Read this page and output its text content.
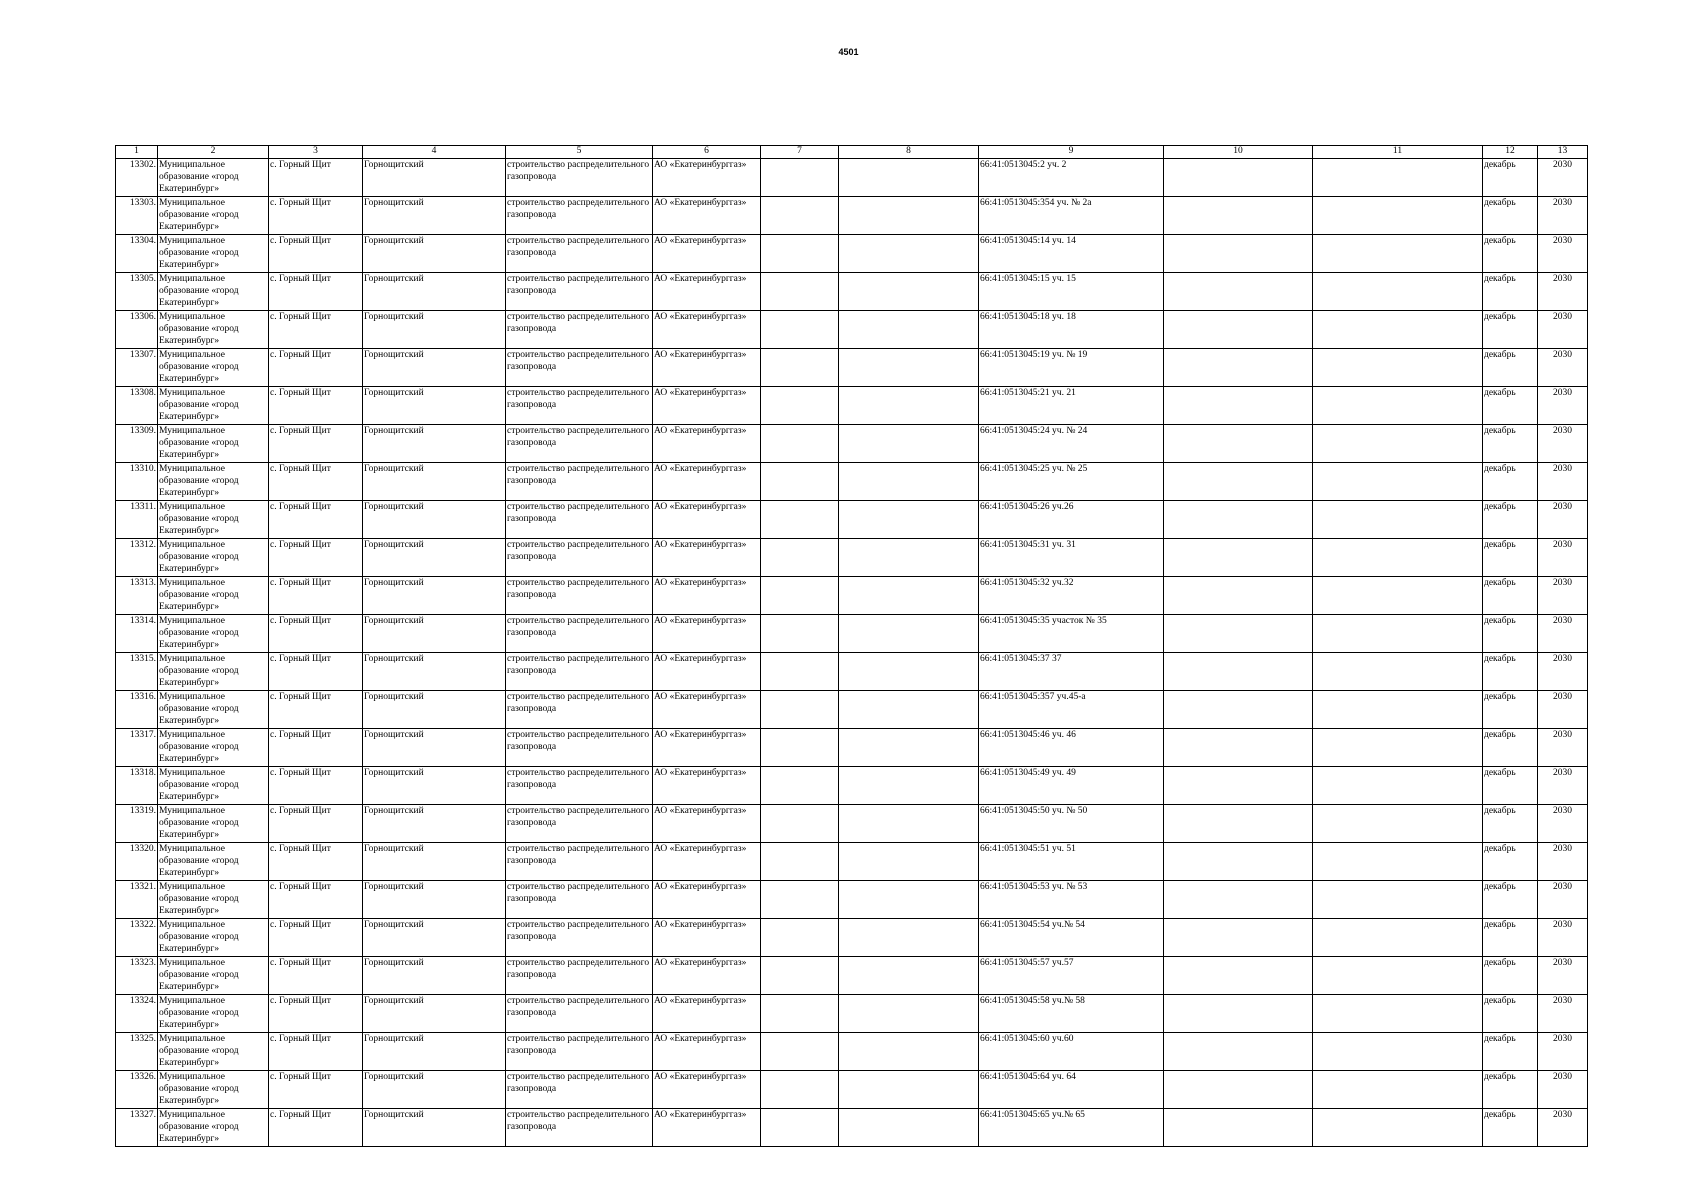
4501
1	2	3	4	5	6	7	8	9	10	11	12	13
13302.	Муниципальное образование «город Екатеринбург»	с. Горный Щит	Горнощитский	строительство распределительного газопровода	АО «Екатеринбурггаз»			66:41:0513045:2 уч. 2			декабрь	2030
13303.	Муниципальное образование «город Екатеринбург»	с. Горный Щит	Горнощитский	строительство распределительного газопровода	АО «Екатеринбурггаз»			66:41:0513045:354 уч. № 2а			декабрь	2030
13304.	Муниципальное образование «город Екатеринбург»	с. Горный Щит	Горнощитский	строительство распределительного газопровода	АО «Екатеринбурггаз»			66:41:0513045:14 уч. 14			декабрь	2030
13305.	Муниципальное образование «город Екатеринбург»	с. Горный Щит	Горнощитский	строительство распределительного газопровода	АО «Екатеринбурггаз»			66:41:0513045:15 уч. 15			декабрь	2030
13306.	Муниципальное образование «город Екатеринбург»	с. Горный Щит	Горнощитский	строительство распределительного газопровода	АО «Екатеринбурггаз»			66:41:0513045:18 уч. 18			декабрь	2030
13307.	Муниципальное образование «город Екатеринбург»	с. Горный Щит	Горнощитский	строительство распределительного газопровода	АО «Екатеринбурггаз»			66:41:0513045:19 уч. № 19			декабрь	2030
13308.	Муниципальное образование «город Екатеринбург»	с. Горный Щит	Горнощитский	строительство распределительного газопровода	АО «Екатеринбурггаз»			66:41:0513045:21 уч. 21			декабрь	2030
13309.	Муниципальное образование «город Екатеринбург»	с. Горный Щит	Горнощитский	строительство распределительного газопровода	АО «Екатеринбурггаз»			66:41:0513045:24 уч. № 24			декабрь	2030
13310.	Муниципальное образование «город Екатеринбург»	с. Горный Щит	Горнощитский	строительство распределительного газопровода	АО «Екатеринбурггаз»			66:41:0513045:25 уч. № 25			декабрь	2030
13311.	Муниципальное образование «город Екатеринбург»	с. Горный Щит	Горнощитский	строительство распределительного газопровода	АО «Екатеринбурггаз»			66:41:0513045:26 уч.26			декабрь	2030
13312.	Муниципальное образование «город Екатеринбург»	с. Горный Щит	Горнощитский	строительство распределительного газопровода	АО «Екатеринбурггаз»			66:41:0513045:31 уч. 31			декабрь	2030
13313.	Муниципальное образование «город Екатеринбург»	с. Горный Щит	Горнощитский	строительство распределительного газопровода	АО «Екатеринбурггаз»			66:41:0513045:32 уч.32			декабрь	2030
13314.	Муниципальное образование «город Екатеринбург»	с. Горный Щит	Горнощитский	строительство распределительного газопровода	АО «Екатеринбурггаз»			66:41:0513045:35 участок № 35			декабрь	2030
13315.	Муниципальное образование «город Екатеринбург»	с. Горный Щит	Горнощитский	строительство распределительного газопровода	АО «Екатеринбурггаз»			66:41:0513045:37 37			декабрь	2030
13316.	Муниципальное образование «город Екатеринбург»	с. Горный Щит	Горнощитский	строительство распределительного газопровода	АО «Екатеринбурггаз»			66:41:0513045:357 уч.45-а			декабрь	2030
13317.	Муниципальное образование «город Екатеринбург»	с. Горный Щит	Горнощитский	строительство распределительного газопровода	АО «Екатеринбурггаз»			66:41:0513045:46 уч. 46			декабрь	2030
13318.	Муниципальное образование «город Екатеринбург»	с. Горный Щит	Горнощитский	строительство распределительного газопровода	АО «Екатеринбурггаз»			66:41:0513045:49 уч. 49			декабрь	2030
13319.	Муниципальное образование «город Екатеринбург»	с. Горный Щит	Горнощитский	строительство распределительного газопровода	АО «Екатеринбурггаз»			66:41:0513045:50 уч. № 50			декабрь	2030
13320.	Муниципальное образование «город Екатеринбург»	с. Горный Щит	Горнощитский	строительство распределительного газопровода	АО «Екатеринбурггаз»			66:41:0513045:51 уч. 51			декабрь	2030
13321.	Муниципальное образование «город Екатеринбург»	с. Горный Щит	Горнощитский	строительство распределительного газопровода	АО «Екатеринбурггаз»			66:41:0513045:53 уч. № 53			декабрь	2030
13322.	Муниципальное образование «город Екатеринбург»	с. Горный Щит	Горнощитский	строительство распределительного газопровода	АО «Екатеринбурггаз»			66:41:0513045:54 уч.№ 54			декабрь	2030
13323.	Муниципальное образование «город Екатеринбург»	с. Горный Щит	Горнощитский	строительство распределительного газопровода	АО «Екатеринбурггаз»			66:41:0513045:57 уч.57			декабрь	2030
13324.	Муниципальное образование «город Екатеринбург»	с. Горный Щит	Горнощитский	строительство распределительного газопровода	АО «Екатеринбурггаз»			66:41:0513045:58 уч.№ 58			декабрь	2030
13325.	Муниципальное образование «город Екатеринбург»	с. Горный Щит	Горнощитский	строительство распределительного газопровода	АО «Екатеринбурггаз»			66:41:0513045:60 уч.60			декабрь	2030
13326.	Муниципальное образование «город Екатеринбург»	с. Горный Щит	Горнощитский	строительство распределительного газопровода	АО «Екатеринбурггаз»			66:41:0513045:64 уч. 64			декабрь	2030
13327.	Муниципальное образование «город Екатеринбург»	с. Горный Щит	Горнощитский	строительство распределительного газопровода	АО «Екатеринбурггаз»			66:41:0513045:65 уч.№ 65			декабрь	2030
